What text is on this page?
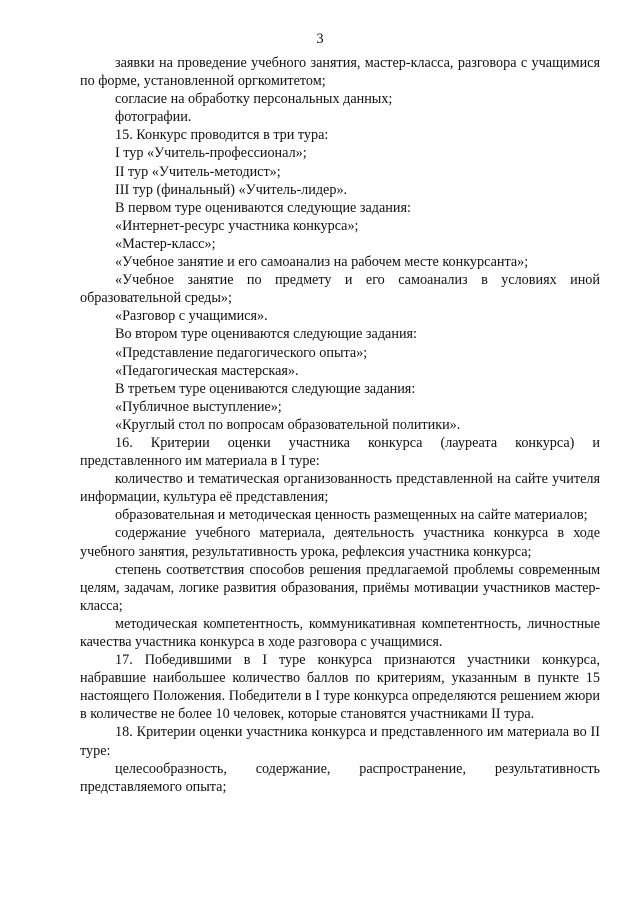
3

заявки на проведение учебного занятия, мастер-класса, разговора с учащимися по форме, установленной оргкомитетом;

согласие на обработку персональных данных;

фотографии.

15. Конкурс проводится в три тура:

I тур «Учитель-профессионал»;

II тур «Учитель-методист»;

III тур (финальный) «Учитель-лидер».

В первом туре оцениваются следующие задания:

«Интернет-ресурс участника конкурса»;

«Мастер-класс»;

«Учебное занятие и его самоанализ на рабочем месте конкурсанта»;

«Учебное занятие по предмету и его самоанализ в условиях иной образовательной среды»;

«Разговор с учащимися».

Во втором туре оцениваются следующие задания:

«Представление педагогического опыта»;

«Педагогическая мастерская».

В третьем туре оцениваются следующие задания:

«Публичное выступление»;

«Круглый стол по вопросам образовательной политики».

16. Критерии оценки участника конкурса (лауреата конкурса) и представленного им материала в I туре:

количество и тематическая организованность представленной на сайте учителя информации, культура её представления;

образовательная и методическая ценность размещенных на сайте материалов;

содержание учебного материала, деятельность участника конкурса в ходе учебного занятия, результативность урока, рефлексия участника конкурса;

степень соответствия способов решения предлагаемой проблемы современным целям, задачам, логике развития образования, приёмы мотивации участников мастер-класса;

методическая компетентность, коммуникативная компетентность, личностные качества участника конкурса в ходе разговора с учащимися.

17. Победившими в I туре конкурса признаются участники конкурса, набравшие наибольшее количество баллов по критериям, указанным в пункте 15 настоящего Положения. Победители в I туре конкурса определяются решением жюри в количестве не более 10 человек, которые становятся участниками II тура.

18. Критерии оценки участника конкурса и представленного им материала во II туре:

целесообразность, содержание, распространение, результативность представляемого опыта;
